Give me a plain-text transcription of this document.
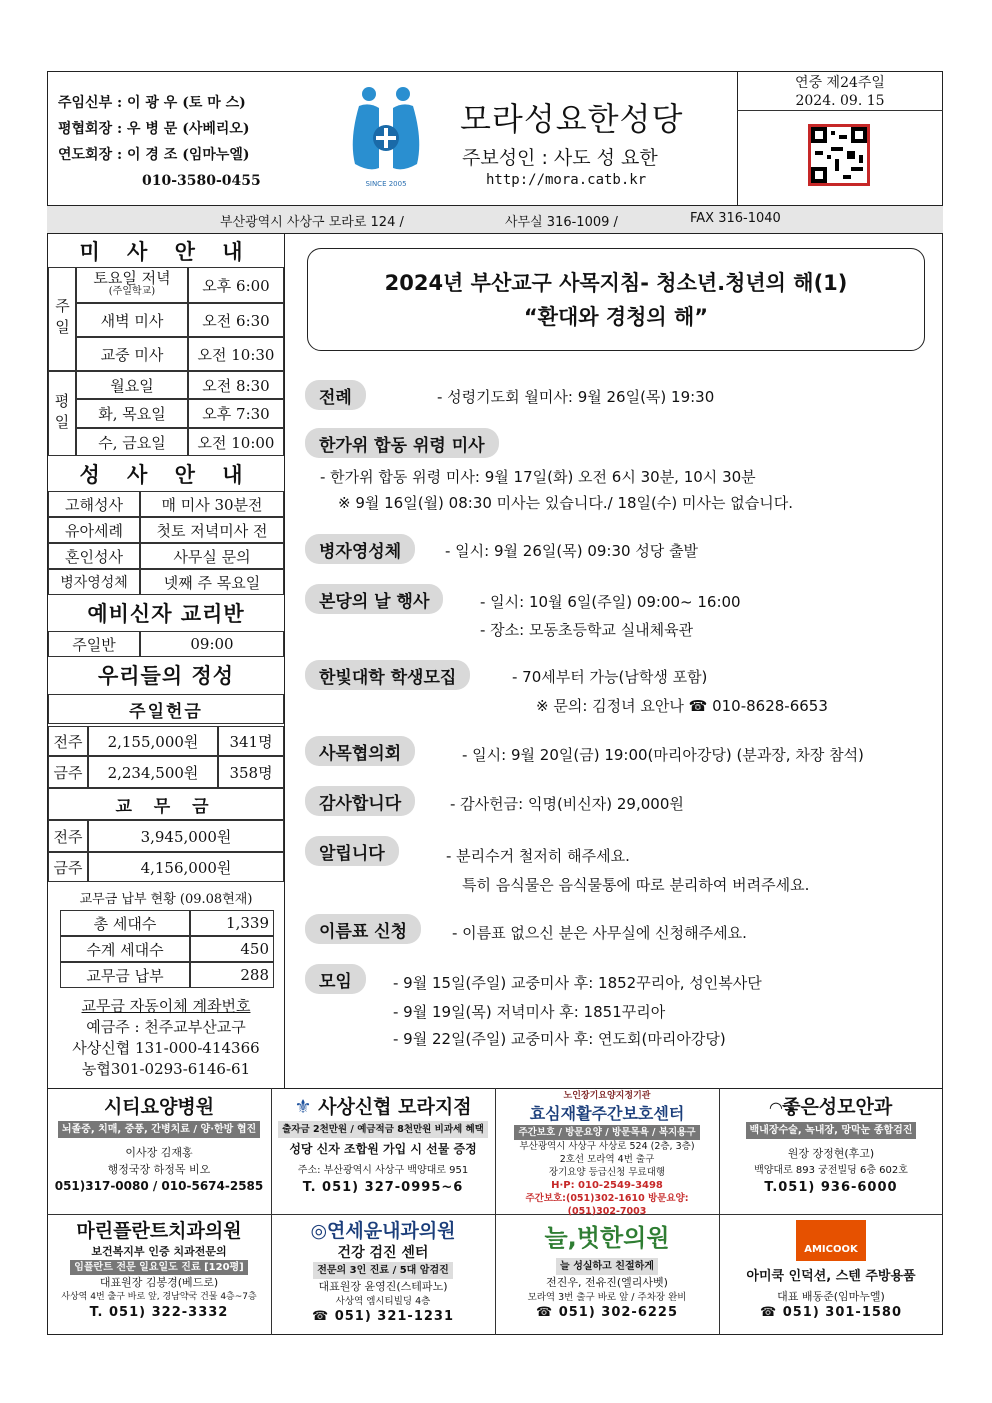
주임신부 : 이 광 우 (토 마 스)
평협회장 : 우 병 문 (사베리오)
연도회장 : 이 경 조 (임마누엘)
010-3580-0455	SINCE 2005
모라성요한성당
주보성인 : 사도 성 요한
http://mora.catb.kr
연중 제24주일
2024. 09. 15
부산광역시 사상구 모라로 124 /	사무실 316-1009 /	FAX 316-1040
미 사 안 내
주일
토요일 저녁
(주일학교)	오후 6:00
새벽 미사	오전 6:30
교중 미사	오전 10:30
평일
월요일	오전 8:30
화, 목요일	오후 7:30
수, 금요일	오전 10:00
성 사 안 내
고해성사	매 미사 30분전
유아세례	첫토 저녁미사 전
혼인성사	사무실 문의
병자영성체	넷째 주 목요일
예비신자 교리반
주일반	09:00
우리들의 정성
주일헌금
전주	2,155,000원	341명
금주	2,234,500원	358명
교 무 금
전주	3,945,000원
금주	4,156,000원
교무금 납부 현황 (09.08현재)
총 세대수	1,339
수계 세대수	450
교무금 납부	288
교무금 자동이체 계좌번호
예금주 : 천주교부산교구
사상신협 131-000-414366
농협301-0293-6146-61
2024년 부산교구 사목지침- 청소년.청년의 해(1)
“환대와 경청의 해”
전례	- 성령기도회 월미사: 9월 26일(목) 19:30
한가위 합동 위령 미사
- 한가위 합동 위령 미사: 9월 17일(화) 오전 6시 30분, 10시 30분
※ 9월 16일(월) 08:30 미사는 있습니다./ 18일(수) 미사는 없습니다.
병자영성체	- 일시: 9월 26일(목) 09:30 성당 출발
본당의 날 행사	- 일시: 10월 6일(주일) 09:00~ 16:00
- 장소: 모동초등학교 실내체육관
한빛대학 학생모집	- 70세부터 가능(남학생 포함)
※ 문의: 김정녀 요안나 ☎ 010-8628-6653
사목협의회	- 일시: 9월 20일(금) 19:00(마리아강당) (분과장, 차장 참석)
감사합니다	- 감사헌금: 익명(비신자) 29,000원
알립니다	- 분리수거 철저히 해주세요.
특히 음식물은 음식물통에 따로 분리하여 버려주세요.
이름표 신청	- 이름표 없으신 분은 사무실에 신청해주세요.
모임	- 9월 15일(주일) 교중미사 후: 1852꾸리아, 성인복사단
- 9월 19일(목) 저녁미사 후: 1851꾸리아
- 9월 22일(주일) 교중미사 후: 연도회(마리아강당)
시티요양병원
뇌졸중, 치매, 중풍, 간병치료 / 양·한방 협진
이사장 김재홍
행정국장 하정목 비오
051)317-0080 / 010-5674-2585
⚜ 사상신협 모라지점
출자금 2천만원 / 예금적금 8천만원 비과세 혜택
성당 신자 조합원 가입 시 선물 증정
주소: 부산광역시 사상구 백양대로 951
T. 051) 327-0995~6
노인장기요양지정기관
효심재활주간보호센터
주간보호 / 방문요양 / 방문목욕 / 복지용구
부산광역시 사상구 사상로 524 (2층, 3층)
2호선 모라역 4번 출구
장기요양 등급신청 무료대행
H·P: 010-2549-3498
주간보호:(051)302-1610 방문요양:(051)302-7003
◠좋은성모안과
백내장수술, 녹내장, 망막눈 종합검진
원장 장정현(후고)
백양대로 893 궁전빌딩 6층 602호
T.051) 936-6000
마린플란트치과의원
보건복지부 인증 치과전문의
임플란트 전문 일요일도 진료 [120평]
대표원장 김봉경(베드로)
사상역 4번 출구 바로 앞, 경남약국 건물 4층~7층
T. 051) 322-3332
◎연세윤내과의원
건강 검진 센터
전문의 3인 진료 / 5대 암검진
대표원장 윤영진(스테파노)
사상역 엠시티빌딩 4층
☎ 051) 321-1231
늘,벗한의원
늘 성실하고 친절하게
전진우, 전유진(엘리사벳)
모라역 3번 출구 바로 앞 / 주차장 완비
☎ 051) 302-6225
AMICOOK
아미쿡 인덕션, 스텐 주방용품
대표 배동준(임마누엘)
☎ 051) 301-1580
